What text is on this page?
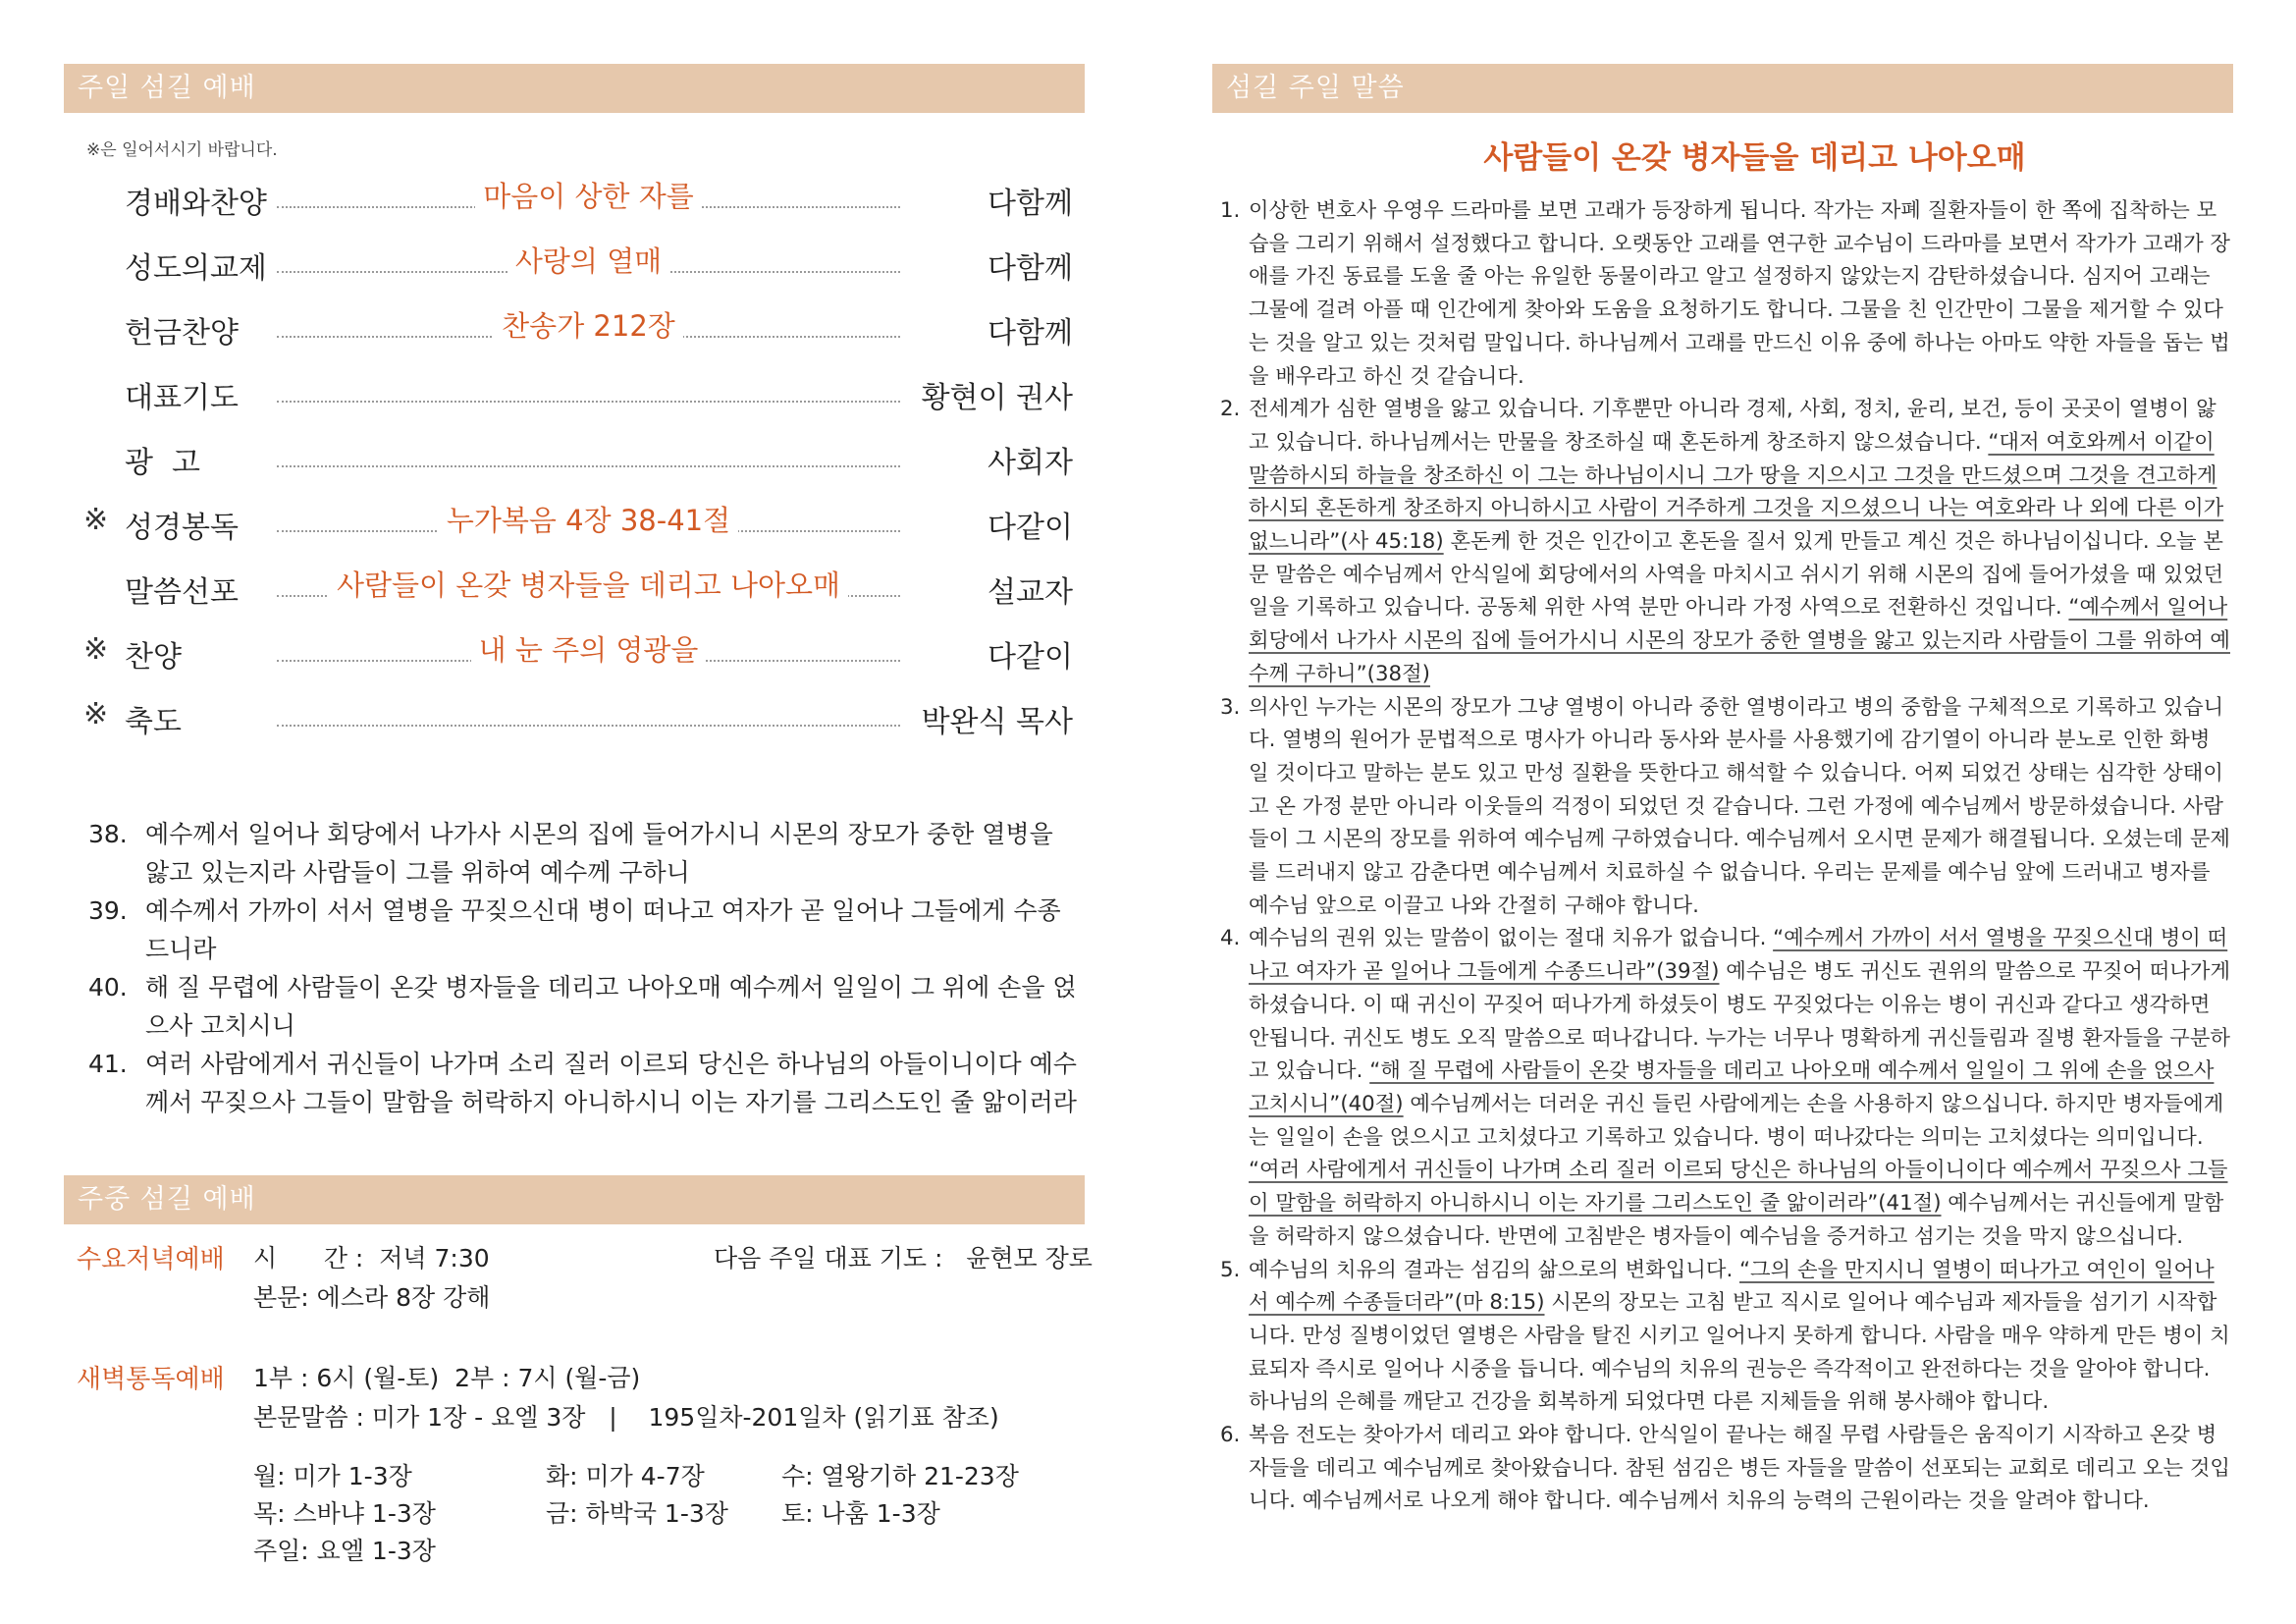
주일 섬길 예배
※은 일어서시기 바랍니다.
경배와찬양	마음이 상한 자를	다함께
성도의교제	사랑의 열매	다함께
헌금찬양	찬송가 212장	다함께
대표기도	황현이 권사
광  고	사회자
※ 성경봉독	누가복음 4장 38-41절	다같이
말씀선포	사람들이 온갖 병자들을 데리고 나아오매	설교자
※ 찬양	내 눈 주의 영광을	다같이
※ 축도	박완식 목사
38. 예수께서 일어나 회당에서 나가사 시몬의 집에 들어가시니 시몬의 장모가 중한 열병을 앓고 있는지라 사람들이 그를 위하여 예수께 구하니
39. 예수께서 가까이 서서 열병을 꾸짖으신대 병이 떠나고 여자가 곧 일어나 그들에게 수종드니라
40. 해 질 무렵에 사람들이 온갖 병자들을 데리고 나아오매 예수께서 일일이 그 위에 손을 얹으사 고치시니
41. 여러 사람에게서 귀신들이 나가며 소리 질러 이르되 당신은 하나님의 아들이니이다 예수께서 꾸짖으사 그들이 말함을 허락하지 아니하시니 이는 자기를 그리스도인 줄 앎이러라
주중 섬길 예배
수요저녁예배 시      간 :  저녁 7:30	다음 주일 대표 기도 :   윤현모 장로
본문: 에스라 8장 강해
새벽통독예배 1부 : 6시 (월-토)  2부 : 7시 (월-금)
본문말씀 : 미가 1장 - 요엘 3장   |    195일차-201일차 (읽기표 참조)
월: 미가 1-3장	화: 미가 4-7장	수: 열왕기하 21-23장
목: 스바냐 1-3장	금: 하박국 1-3장 토: 나훔 1-3장
주일: 요엘 1-3장
섬길 주일 말씀
사람들이 온갖 병자들을 데리고 나아오매
1. 이상한 변호사 우영우 드라마를 보면 고래가 등장하게 됩니다. 작가는 자폐 질환자들이 한 쪽에 집착하는 모습을 그리기 위해서 설정했다고 합니다. 오랫동안 고래를 연구한 교수님이 드라마를 보면서 작가가 고래가 장애를 가진 동료를 도울 줄 아는 유일한 동물이라고 알고 설정하지 않았는지 감탄하셨습니다. 심지어 고래는 그물에 걸려 아플 때 인간에게 찾아와 도움을 요청하기도 합니다. 그물을 친 인간만이 그물을 제거할 수 있다는 것을 알고 있는 것처럼 말입니다. 하나님께서 고래를 만드신 이유 중에 하나는 아마도 약한 자들을 돕는 법을 배우라고 하신 것 같습니다.
2. 전세계가 심한 열병을 앓고 있습니다. 기후뿐만 아니라 경제, 사회, 정치, 윤리, 보건, 등이 곳곳이 열병이 앓고 있습니다. 하나님께서는 만물을 창조하실 때 혼돈하게 창조하지 않으셨습니다. “대저 여호와께서 이같이 말씀하시되 하늘을 창조하신 이 그는 하나님이시니 그가 땅을 지으시고 그것을 만드셨으며 그것을 견고하게 하시되 혼돈하게 창조하지 아니하시고 사람이 거주하게 그것을 지으셨으니 나는 여호와라 나 외에 다른 이가 없느니라”(사 45:18) 혼돈케 한 것은 인간이고 혼돈을 질서 있게 만들고 계신 것은 하나님이십니다. 오늘 본문 말씀은 예수님께서 안식일에 회당에서의 사역을 마치시고 쉬시기 위해 시몬의 집에 들어가셨을 때 있었던 일을 기록하고 있습니다. 공동체 위한 사역 분만 아니라 가정 사역으로 전환하신 것입니다. “예수께서 일어나 회당에서 나가사 시몬의 집에 들어가시니 시몬의 장모가 중한 열병을 앓고 있는지라 사람들이 그를 위하여 예수께 구하니”(38절)
3. 의사인 누가는 시몬의 장모가 그냥 열병이 아니라 중한 열병이라고 병의 중함을 구체적으로 기록하고 있습니다. 열병의 원어가 문법적으로 명사가 아니라 동사와 분사를 사용했기에 감기열이 아니라 분노로 인한 화병 일 것이다고 말하는 분도 있고 만성 질환을 뜻한다고 해석할 수 있습니다. 어찌 되었건 상태는 심각한 상태이고 온 가정 분만 아니라 이웃들의 걱정이 되었던 것 같습니다. 그런 가정에 예수님께서 방문하셨습니다. 사람들이 그 시몬의 장모를 위하여 예수님께 구하였습니다. 예수님께서 오시면 문제가 해결됩니다. 오셨는데 문제를 드러내지 않고 감춘다면 예수님께서 치료하실 수 없습니다. 우리는 문제를 예수님 앞에 드러내고 병자를 예수님 앞으로 이끌고 나와 간절히 구해야 합니다.
4. 예수님의 권위 있는 말씀이 없이는 절대 치유가 없습니다. “예수께서 가까이 서서 열병을 꾸짖으신대 병이 떠나고 여자가 곧 일어나 그들에게 수종드니라”(39절) 예수님은 병도 귀신도 권위의 말씀으로 꾸짖어 떠나가게 하셨습니다. 이 때 귀신이 꾸짖어 떠나가게 하셨듯이 병도 꾸짖었다는 이유는 병이 귀신과 같다고 생각하면 안됩니다. 귀신도 병도 오직 말씀으로 떠나갑니다. 누가는 너무나 명확하게 귀신들림과 질병 환자들을 구분하고 있습니다. “해 질 무렵에 사람들이 온갖 병자들을 데리고 나아오매 예수께서 일일이 그 위에 손을 얹으사 고치시니”(40절) 예수님께서는 더러운 귀신 들린 사람에게는 손을 사용하지 않으십니다. 하지만 병자들에게는 일일이 손을 얹으시고 고치셨다고 기록하고 있습니다. 병이 떠나갔다는 의미는 고치셨다는 의미입니다. “여러 사람에게서 귀신들이 나가며 소리 질러 이르되 당신은 하나님의 아들이니이다 예수께서 꾸짖으사 그들이 말함을 허락하지 아니하시니 이는 자기를 그리스도인 줄 앎이러라”(41절) 예수님께서는 귀신들에게 말함을 허락하지 않으셨습니다. 반면에 고침받은 병자들이 예수님을 증거하고 섬기는 것을 막지 않으십니다.
5. 예수님의 치유의 결과는 섬김의 삶으로의 변화입니다. “그의 손을 만지시니 열병이 떠나가고 여인이 일어나서 예수께 수종들더라”(마 8:15) 시몬의 장모는 고침 받고 직시로 일어나 예수님과 제자들을 섬기기 시작합니다. 만성 질병이었던 열병은 사람을 탈진 시키고 일어나지 못하게 합니다. 사람을 매우 약하게 만든 병이 치료되자 즉시로 일어나 시중을 듭니다. 예수님의 치유의 권능은 즉각적이고 완전하다는 것을 알아야 합니다. 하나님의 은혜를 깨닫고 건강을 회복하게 되었다면 다른 지체들을 위해 봉사해야 합니다.
6. 복음 전도는 찾아가서 데리고 와야 합니다. 안식일이 끝나는 해질 무렵 사람들은 움직이기 시작하고 온갖 병자들을 데리고 예수님께로 찾아왔습니다. 참된 섬김은 병든 자들을 말씀이 선포되는 교회로 데리고 오는 것입니다. 예수님께서로 나오게 해야 합니다. 예수님께서 치유의 능력의 근원이라는 것을 알려야 합니다.
